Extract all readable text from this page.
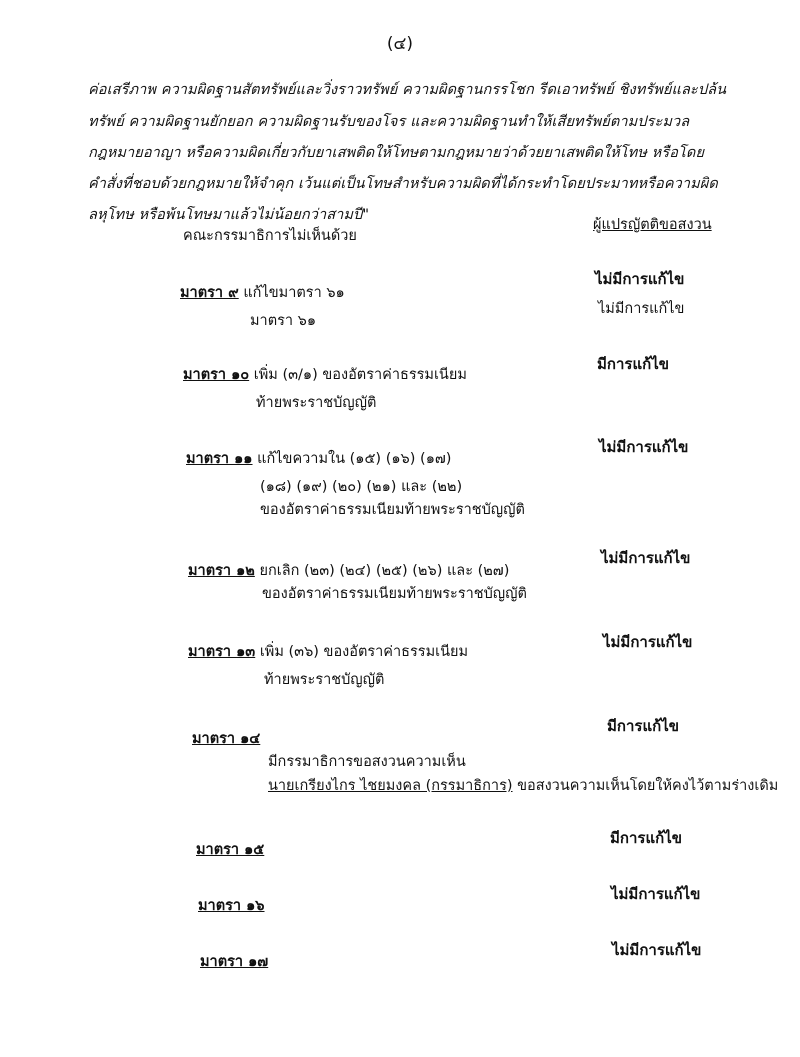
(๔)
ค่อเสรีภาพ ความผิดฐานสัตทรัพย์และวิ่งราวทรัพย์ ความผิดฐานกรรโชก รีดเอาทรัพย์ ชิงทรัพย์และปล้น
ทรัพย์ ความผิดฐานยักยอก ความผิดฐานรับของโจร และความผิดฐานทำให้เสียทรัพย์ตามประมวล
กฎหมายอาญา หรือความผิดเกี่ยวกับยาเสพติดให้โทษตามกฎหมายว่าด้วยยาเสพติดให้โทษ หรือโดย
คำสั่งที่ชอบด้วยกฎหมายให้จำคุก เว้นแต่เป็นโทษสำหรับความผิดที่ได้กระทำโดยประมาทหรือความผิด
ลหุโทษ หรือพ้นโทษมาแล้วไม่น้อยกว่าสามปี"
คณะกรรมาธิการไม่เห็นด้วย
ผู้แปรญัตติขอสงวน
มาตรา ๙ แก้ไขมาตรา ๖๑
มาตรา ๖๑
ไม่มีการแก้ไข
ไม่มีการแก้ไข
มาตรา ๑๐ เพิ่ม (๓/๑) ของอัตราค่าธรรมเนียม
ท้ายพระราชบัญญัติ
มีการแก้ไข
มาตรา ๑๑ แก้ไขความใน (๑๕) (๑๖) (๑๗)
(๑๘) (๑๙) (๒๐) (๒๑) และ (๒๒)
ของอัตราค่าธรรมเนียมท้ายพระราชบัญญัติ
ไม่มีการแก้ไข
มาตรา ๑๒ ยกเลิก (๒๓) (๒๔) (๒๕) (๒๖) และ (๒๗)
ของอัตราค่าธรรมเนียมท้ายพระราชบัญญัติ
ไม่มีการแก้ไข
มาตรา ๑๓ เพิ่ม (๓๖) ของอัตราค่าธรรมเนียม
ท้ายพระราชบัญญัติ
ไม่มีการแก้ไข
มาตรา ๑๔
มีกรรมาธิการขอสงวนความเห็น
นายเกรียงไกร ไชยมงคล (กรรมาธิการ) ขอสงวนความเห็นโดยให้คงไว้ตามร่างเดิม
มีการแก้ไข
มาตรา ๑๕
มีการแก้ไข
มาตรา ๑๖
ไม่มีการแก้ไข
มาตรา ๑๗
ไม่มีการแก้ไข
